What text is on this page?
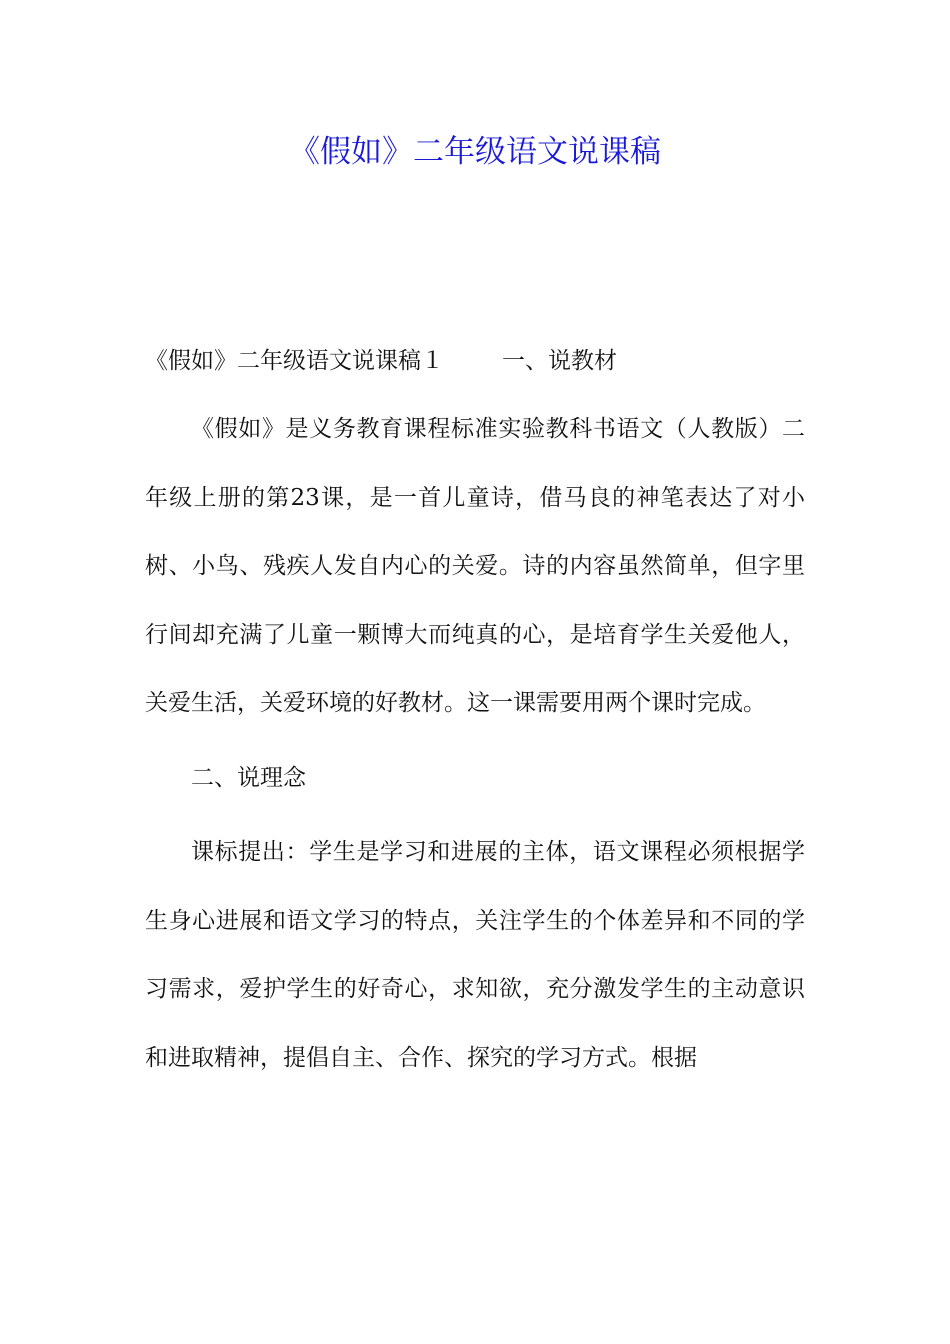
《假如》二年级语文说课稿

《假如》二年级语文说课稿１	一、说教材

《假如》是义务教育课程标准实验教科书语文（人教版）二年级上册的第23课，是一首儿童诗，借马良的神笔表达了对小树、小鸟、残疾人发自内心的关爱。诗的内容虽然简单，但字里行间却充满了儿童一颗博大而纯真的心，是培育学生关爱他人，关爱生活，关爱环境的好教材。这一课需要用两个课时完成。

二、说理念

课标提出：学生是学习和进展的主体，语文课程必须根据学生身心进展和语文学习的特点，关注学生的个体差异和不同的学习需求，爱护学生的好奇心，求知欲，充分激发学生的主动意识和进取精神，提倡自主、合作、探究的学习方式。根据
